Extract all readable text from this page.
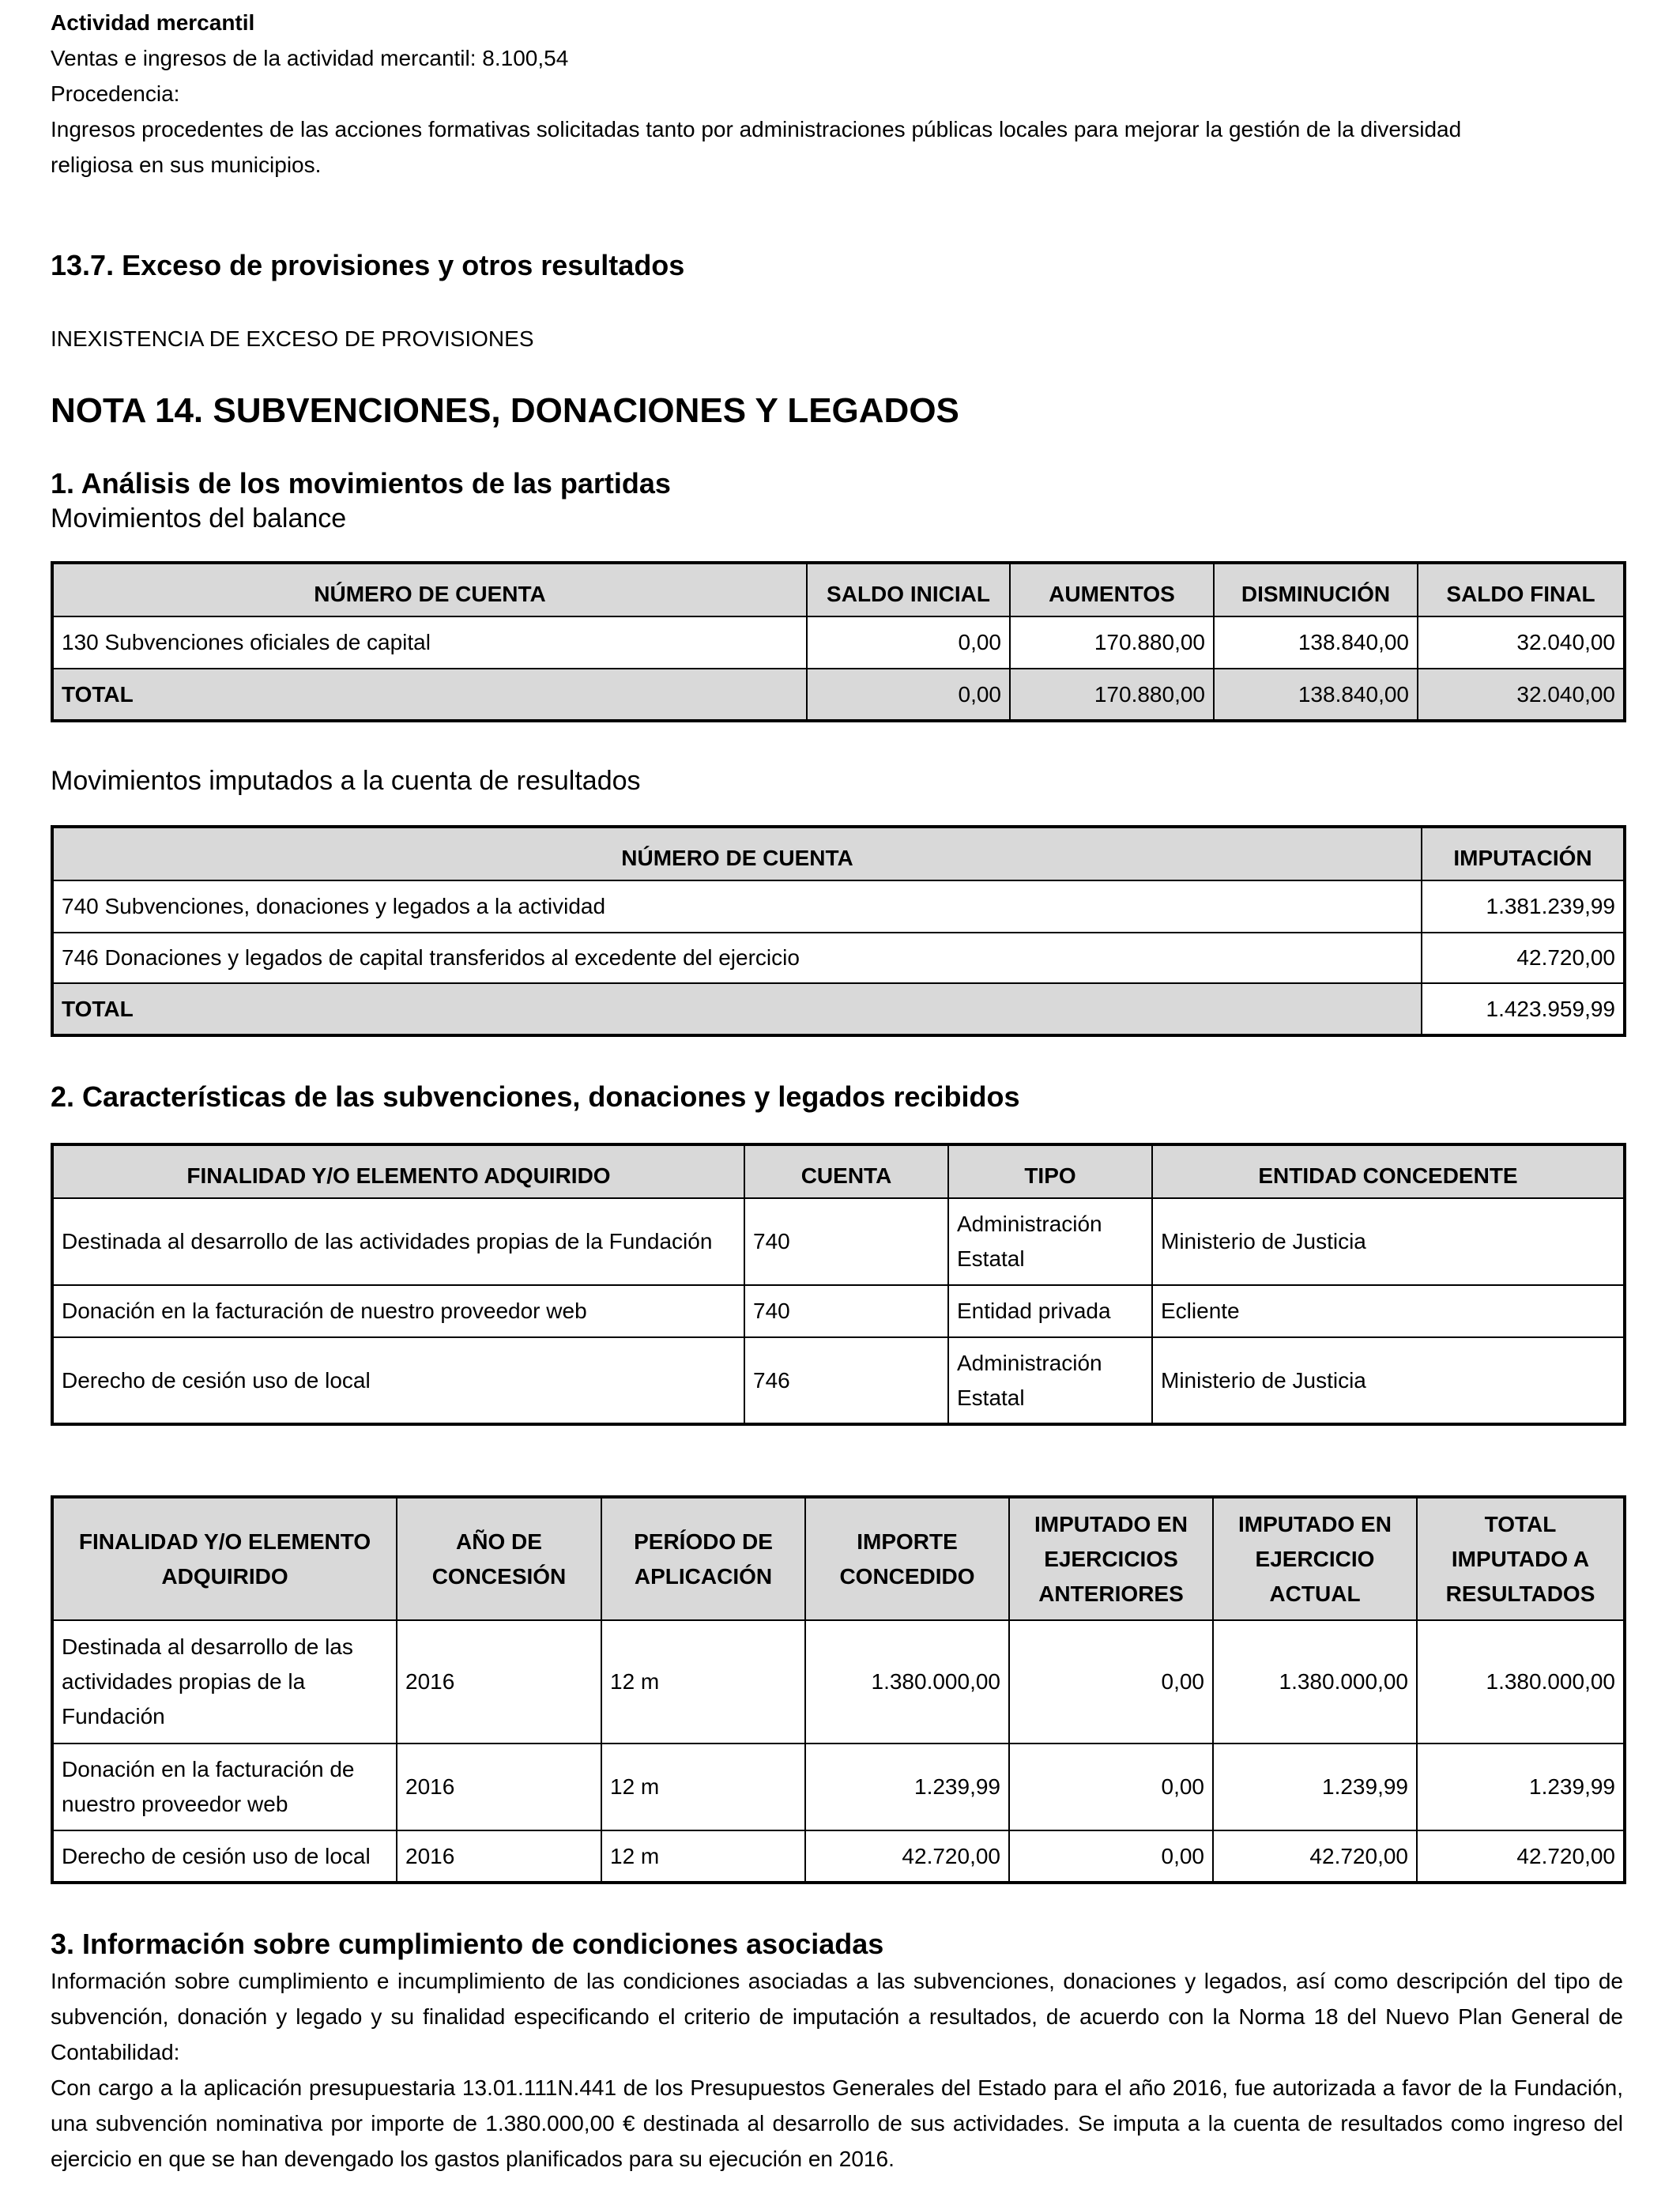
Actividad mercantil
Ventas e ingresos de la actividad mercantil: 8.100,54
Procedencia:
Ingresos procedentes de las acciones formativas solicitadas tanto por administraciones públicas locales para mejorar la gestión de la diversidad
religiosa en sus municipios.
13.7. Exceso de provisiones y otros resultados
INEXISTENCIA DE EXCESO DE PROVISIONES
NOTA 14. SUBVENCIONES, DONACIONES Y LEGADOS
1. Análisis de los movimientos de las partidas
Movimientos del balance
NÚMERO DE CUENTA	SALDO INICIAL	AUMENTOS	DISMINUCIÓN	SALDO FINAL
130 Subvenciones oficiales de capital	0,00	170.880,00	138.840,00	32.040,00
TOTAL	0,00	170.880,00	138.840,00	32.040,00
Movimientos imputados a la cuenta de resultados
NÚMERO DE CUENTA	IMPUTACIÓN
740 Subvenciones, donaciones y legados a la actividad	1.381.239,99
746 Donaciones y legados de capital transferidos al excedente del ejercicio	42.720,00
TOTAL	1.423.959,99
2. Características de las subvenciones, donaciones y legados recibidos
FINALIDAD Y/O ELEMENTO ADQUIRIDO	CUENTA	TIPO	ENTIDAD CONCEDENTE
Destinada al desarrollo de las actividades propias de la Fundación	740	Administración Estatal	Ministerio de Justicia
Donación en la facturación de nuestro proveedor web	740	Entidad privada	Ecliente
Derecho de cesión uso de local	746	Administración Estatal	Ministerio de Justicia
FINALIDAD Y/O ELEMENTO ADQUIRIDO	AÑO DE CONCESIÓN	PERÍODO DE APLICACIÓN	IMPORTE CONCEDIDO	IMPUTADO EN EJERCICIOS ANTERIORES	IMPUTADO EN EJERCICIO ACTUAL	TOTAL IMPUTADO A RESULTADOS
Destinada al desarrollo de las actividades propias de la Fundación	2016	12 m	1.380.000,00	0,00	1.380.000,00	1.380.000,00
Donación en la facturación de nuestro proveedor web	2016	12 m	1.239,99	0,00	1.239,99	1.239,99
Derecho de cesión uso de local	2016	12 m	42.720,00	0,00	42.720,00	42.720,00
3. Información sobre cumplimiento de condiciones asociadas
Información sobre cumplimiento e incumplimiento de las condiciones asociadas a las subvenciones, donaciones y legados, así como descripción del tipo de subvención, donación y legado y su finalidad especificando el criterio de imputación a resultados, de acuerdo con la Norma 18 del Nuevo Plan General de Contabilidad:
Con cargo a la aplicación presupuestaria 13.01.111N.441 de los Presupuestos Generales del Estado para el año 2016, fue autorizada a favor de la Fundación, una subvención nominativa por importe de 1.380.000,00 € destinada al desarrollo de sus actividades. Se imputa a la cuenta de resultados como ingreso del ejercicio en que se han devengado los gastos planificados para su ejecución en 2016.
